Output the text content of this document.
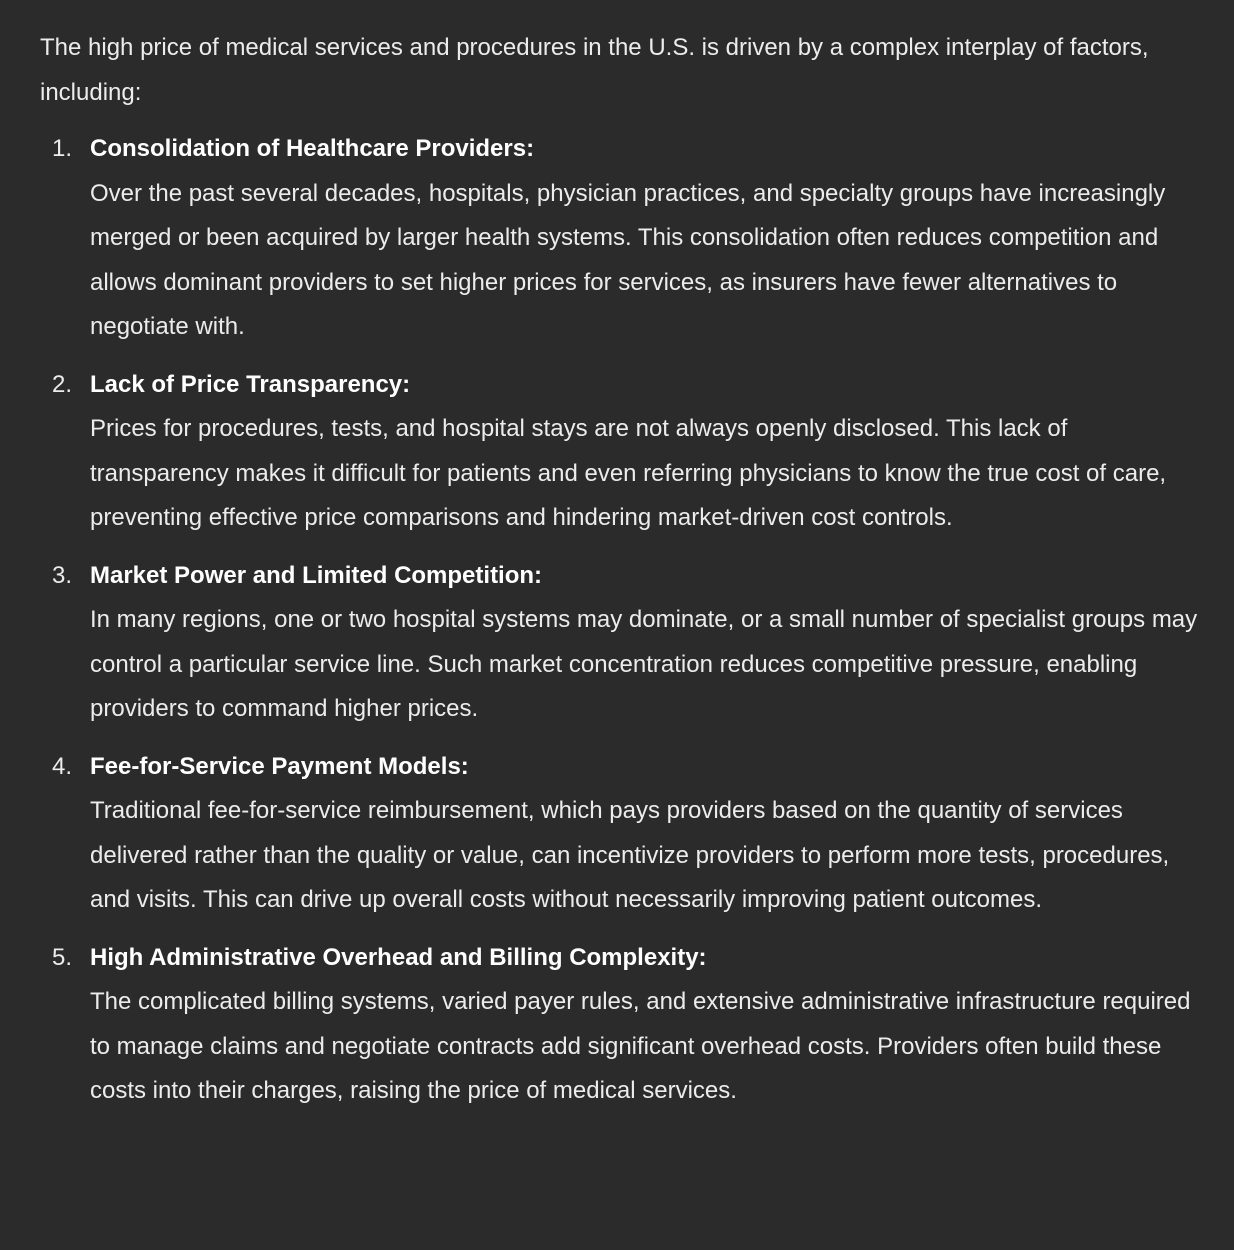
The high price of medical services and procedures in the U.S. is driven by a complex interplay of factors, including:

1. Consolidation of Healthcare Providers:
Over the past several decades, hospitals, physician practices, and specialty groups have increasingly merged or been acquired by larger health systems. This consolidation often reduces competition and allows dominant providers to set higher prices for services, as insurers have fewer alternatives to negotiate with.
2. Lack of Price Transparency:
Prices for procedures, tests, and hospital stays are not always openly disclosed. This lack of transparency makes it difficult for patients and even referring physicians to know the true cost of care, preventing effective price comparisons and hindering market-driven cost controls.
3. Market Power and Limited Competition:
In many regions, one or two hospital systems may dominate, or a small number of specialist groups may control a particular service line. Such market concentration reduces competitive pressure, enabling providers to command higher prices.
4. Fee-for-Service Payment Models:
Traditional fee-for-service reimbursement, which pays providers based on the quantity of services delivered rather than the quality or value, can incentivize providers to perform more tests, procedures, and visits. This can drive up overall costs without necessarily improving patient outcomes.
5. High Administrative Overhead and Billing Complexity:
The complicated billing systems, varied payer rules, and extensive administrative infrastructure required to manage claims and negotiate contracts add significant overhead costs. Providers often build these costs into their charges, raising the price of medical services.
